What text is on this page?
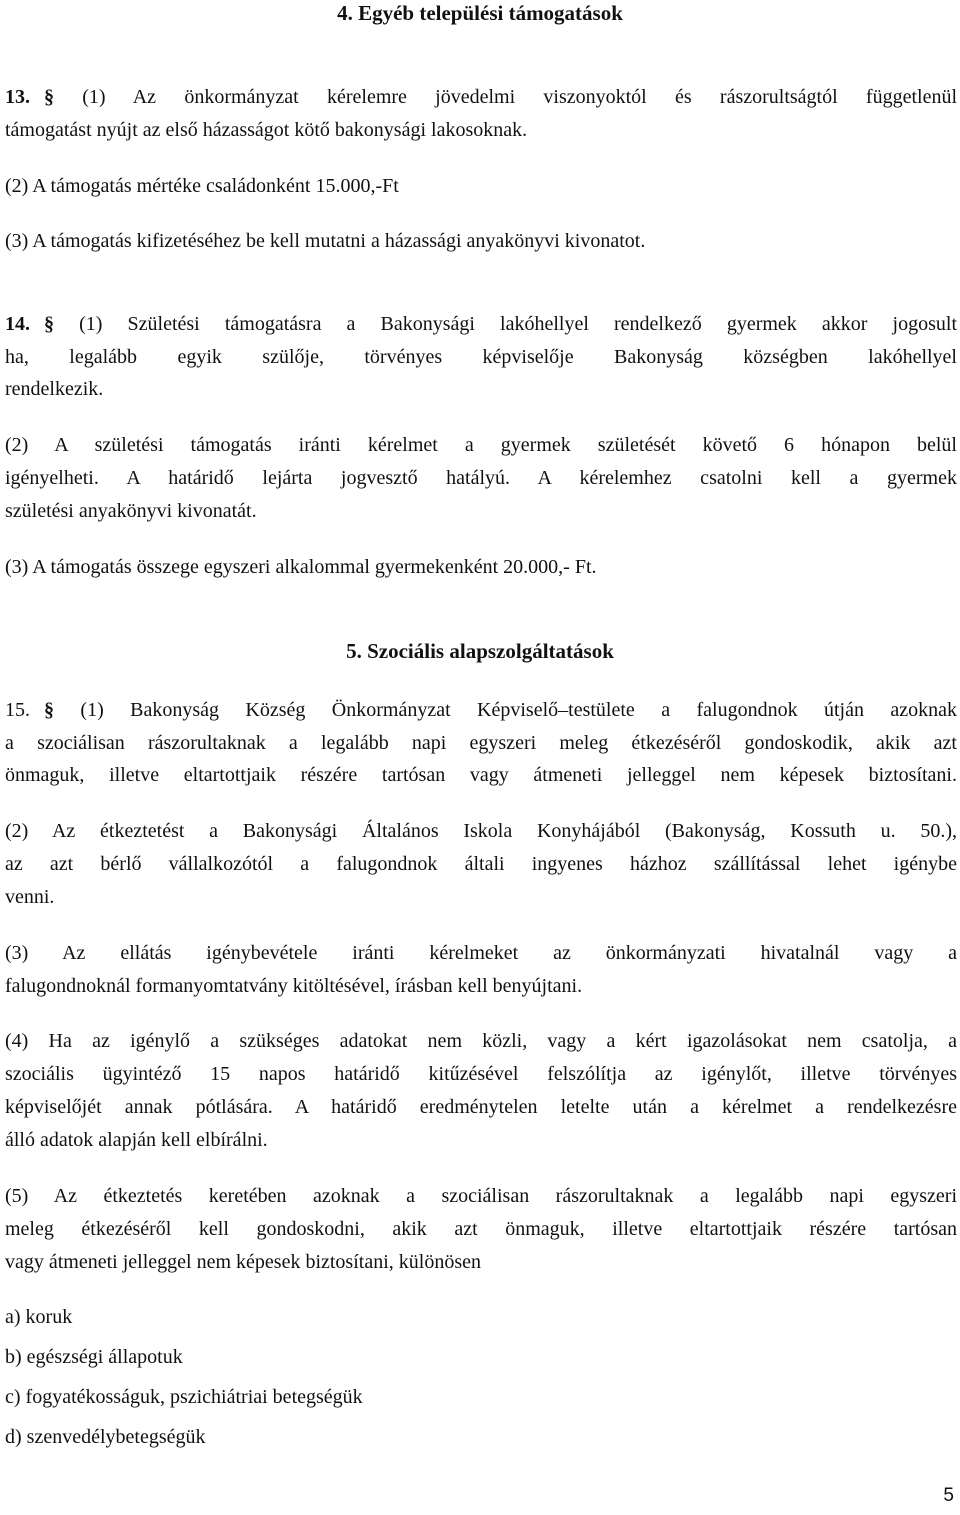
4. Egyéb települési támogatások
13. § (1) Az önkormányzat kérelemre jövedelmi viszonyoktól és rászorultságtól függetlenül
támogatást nyújt az első házasságot kötő bakonysági lakosoknak.
(2) A támogatás mértéke családonként 15.000,-Ft
(3) A támogatás kifizetéséhez be kell mutatni a házassági anyakönyvi kivonatot.
14. § (1) Születési támogatásra a Bakonysági lakóhellyel rendelkező gyermek akkor jogosult
ha, legalább egyik szülője, törvényes képviselője Bakonyság községben lakóhellyel
rendelkezik.
(2) A születési támogatás iránti kérelmet a gyermek születését követő 6 hónapon belül
igényelheti. A határidő lejárta jogvesztő hatályú. A kérelemhez csatolni kell a gyermek
születési anyakönyvi kivonatát.
(3) A támogatás összege egyszeri alkalommal gyermekenként 20.000,- Ft.
5. Szociális alapszolgáltatások
15. § (1) Bakonyság Község Önkormányzat Képviselő–testülete a falugondnok útján azoknak
a szociálisan rászorultaknak a legalább napi egyszeri meleg étkezéséről gondoskodik, akik azt
önmaguk, illetve eltartottjaik részére tartósan vagy átmeneti jelleggel nem képesek biztosítani.
(2) Az étkeztetést a Bakonysági Általános Iskola Konyhájából (Bakonyság, Kossuth u. 50.),
az azt bérlő vállalkozótól a falugondnok általi ingyenes házhoz szállítással lehet igénybe
venni.
(3) Az ellátás igénybevétele iránti kérelmeket az önkormányzati hivatalnál vagy a
falugondnoknál formanyomtatvány kitöltésével, írásban kell benyújtani.
(4) Ha az igénylő a szükséges adatokat nem közli, vagy a kért igazolásokat nem csatolja, a
szociális ügyintéző 15 napos határidő kitűzésével felszólítja az igénylőt, illetve törvényes
képviselőjét annak pótlására. A határidő eredménytelen letelte után a kérelmet a rendelkezésre
álló adatok alapján kell elbírálni.
(5) Az étkeztetés keretében azoknak a szociálisan rászorultaknak a legalább napi egyszeri
meleg étkezéséről kell gondoskodni, akik azt önmaguk, illetve eltartottjaik részére tartósan
vagy átmeneti jelleggel nem képesek biztosítani, különösen
a) koruk
b) egészségi állapotuk
c) fogyatékosságuk, pszichiátriai betegségük
d) szenvedélybetegségük
5
